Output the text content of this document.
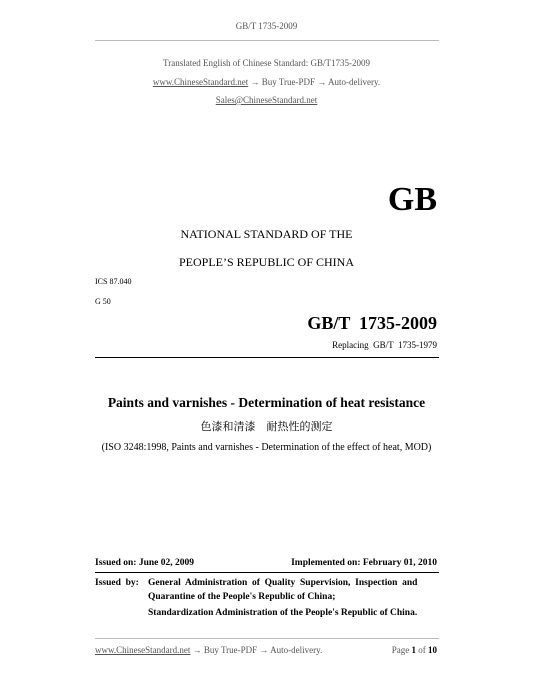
GB/T 1735-2009
Translated English of Chinese Standard: GB/T1735-2009
www.ChineseStandard.net → Buy True-PDF → Auto-delivery.
Sales@ChineseStandard.net
GB
NATIONAL STANDARD OF THE
PEOPLE’S REPUBLIC OF CHINA
ICS 87.040
G 50
GB/T  1735-2009
Replacing  GB/T  1735-1979
Paints and varnishes - Determination of heat resistance
色漆和清漆　耐热性的测定
(ISO 3248:1998, Paints and varnishes - Determination of the effect of heat, MOD)
Issued on: June 02, 2009	Implemented on: February 01, 2010
Issued  by: General  Administration  of  Quality  Supervision,  Inspection  and
Quarantine of the People's Republic of China;
Standardization Administration of the People's Republic of China.
www.ChineseStandard.net → Buy True-PDF → Auto-delivery.	Page 1 of 10
